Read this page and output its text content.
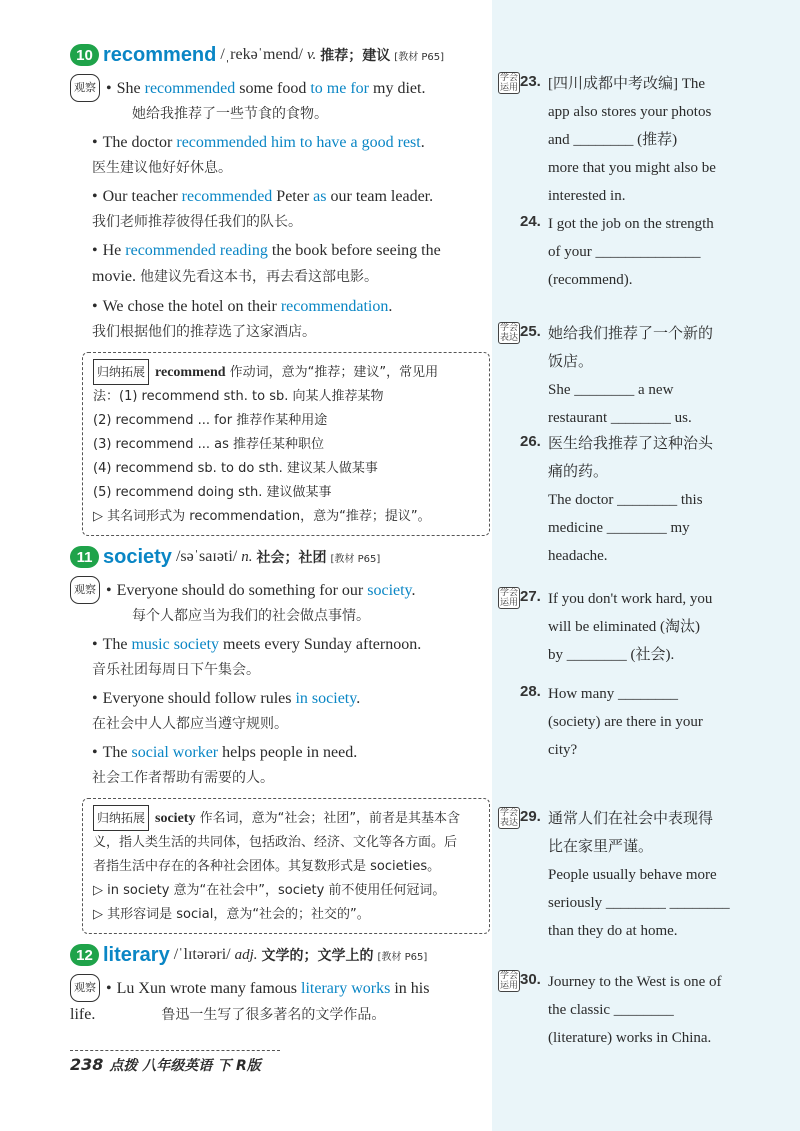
10 recommend /ˌrekəˈmend/ v. 推荐；建议 [教材 P65]
观察 • She recommended some food to me for my diet.
她给我推荐了一些节食的食物。
• The doctor recommended him to have a good rest.
医生建议他好好休息。
• Our teacher recommended Peter as our team leader.
我们老师推荐彼得任我们的队长。
• He recommended reading the book before seeing the
movie. 他建议先看这本书，再去看这部电影。
• We chose the hotel on their recommendation.
我们根据他们的推荐选了这家酒店。
归纳拓展 recommend 作动词，意为“推荐；建议”，常见用
法：(1) recommend sth. to sb. 向某人推荐某物
(2) recommend ... for 推荐作某种用途
(3) recommend ... as 推荐任某种职位
(4) recommend sb. to do sth. 建议某人做某事
(5) recommend doing sth. 建议做某事
▷ 其名词形式为 recommendation，意为“推荐；提议”。
11 society /səˈsaɪəti/ n. 社会；社团 [教材 P65]
观察 • Everyone should do something for our society.
每个人都应当为我们的社会做点事情。
• The music society meets every Sunday afternoon.
音乐社团每周日下午集会。
• Everyone should follow rules in society.
在社会中人人都应当遵守规则。
• The social worker helps people in need.
社会工作者帮助有需要的人。
归纳拓展 society 作名词，意为“社会；社团”，前者是其基本含
义，指人类生活的共同体，包括政治、经济、文化等各方面。后
者指生活中存在的各种社会团体。其复数形式是 societies。
▷ in society 意为“在社会中”，society 前不使用任何冠词。
▷ 其形容词是 social，意为“社会的；社交的”。
12 literary /ˈlɪtərəri/ adj. 文学的；文学上的 [教材 P65]
观察 • Lu Xun wrote many famous literary works in his
life.	鲁迅一生写了很多著名的文学作品。
238 点拨 八年级英语 下 R版
学会运用 23. [四川成都中考改编] The
app also stores your photos
and ________ (推荐)
more that you might also be
interested in.
24. I got the job on the strength
of your ______________
(recommend).
学会表达 25. 她给我们推荐了一个新的
饭店。
She ________ a new
restaurant ________ us.
26. 医生给我推荐了这种治头
痛的药。
The doctor ________ this
medicine ________ my
headache.
学会运用 27. If you don't work hard, you
will be eliminated (淘汰)
by ________ (社会).
28. How many ________
(society) are there in your
city?
学会表达 29. 通常人们在社会中表现得
比在家里严谨。
People usually behave more
seriously ________ ________
than they do at home.
学会运用 30. Journey to the West is one of
the classic ________
(literature) works in China.
